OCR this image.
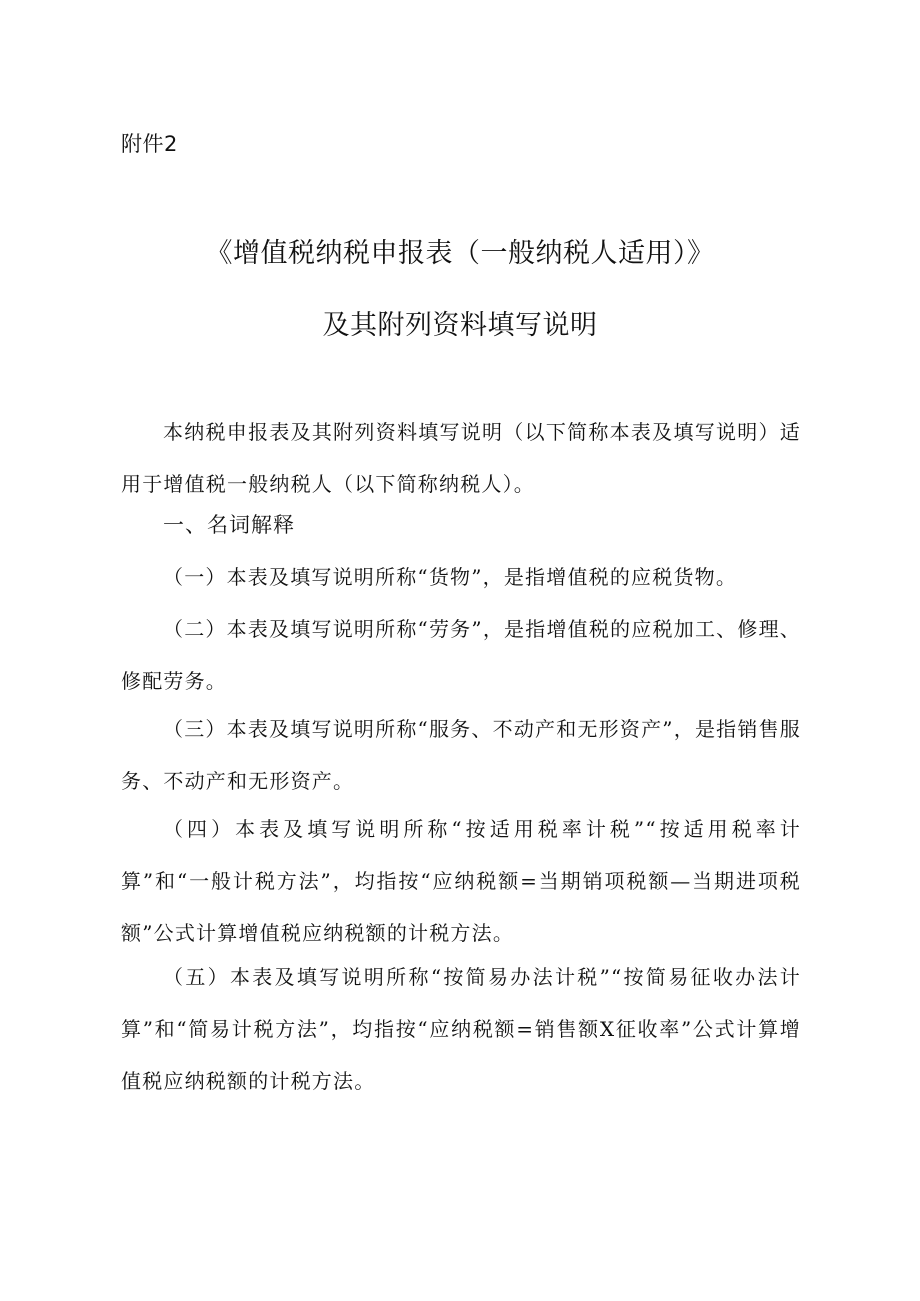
附件2
《增值税纳税申报表（一般纳税人适用）》
及其附列资料填写说明

本纳税申报表及其附列资料填写说明（以下简称本表及填写说明）适用于增值税一般纳税人（以下简称纳税人）。

一、名词解释

（一）本表及填写说明所称“货物”，是指增值税的应税货物。

（二）本表及填写说明所称“劳务”，是指增值税的应税加工、修理、修配劳务。

（三）本表及填写说明所称“服务、不动产和无形资产”，是指销售服务、不动产和无形资产。

（四）本表及填写说明所称“按适用税率计税”“按适用税率计算”和“一般计税方法”，均指按“应纳税额=当期销项税额—当期进项税额”公式计算增值税应纳税额的计税方法。

（五）本表及填写说明所称“按简易办法计税”“按简易征收办法计算”和“简易计税方法”，均指按“应纳税额=销售额X征收率”公式计算增值税应纳税额的计税方法。
